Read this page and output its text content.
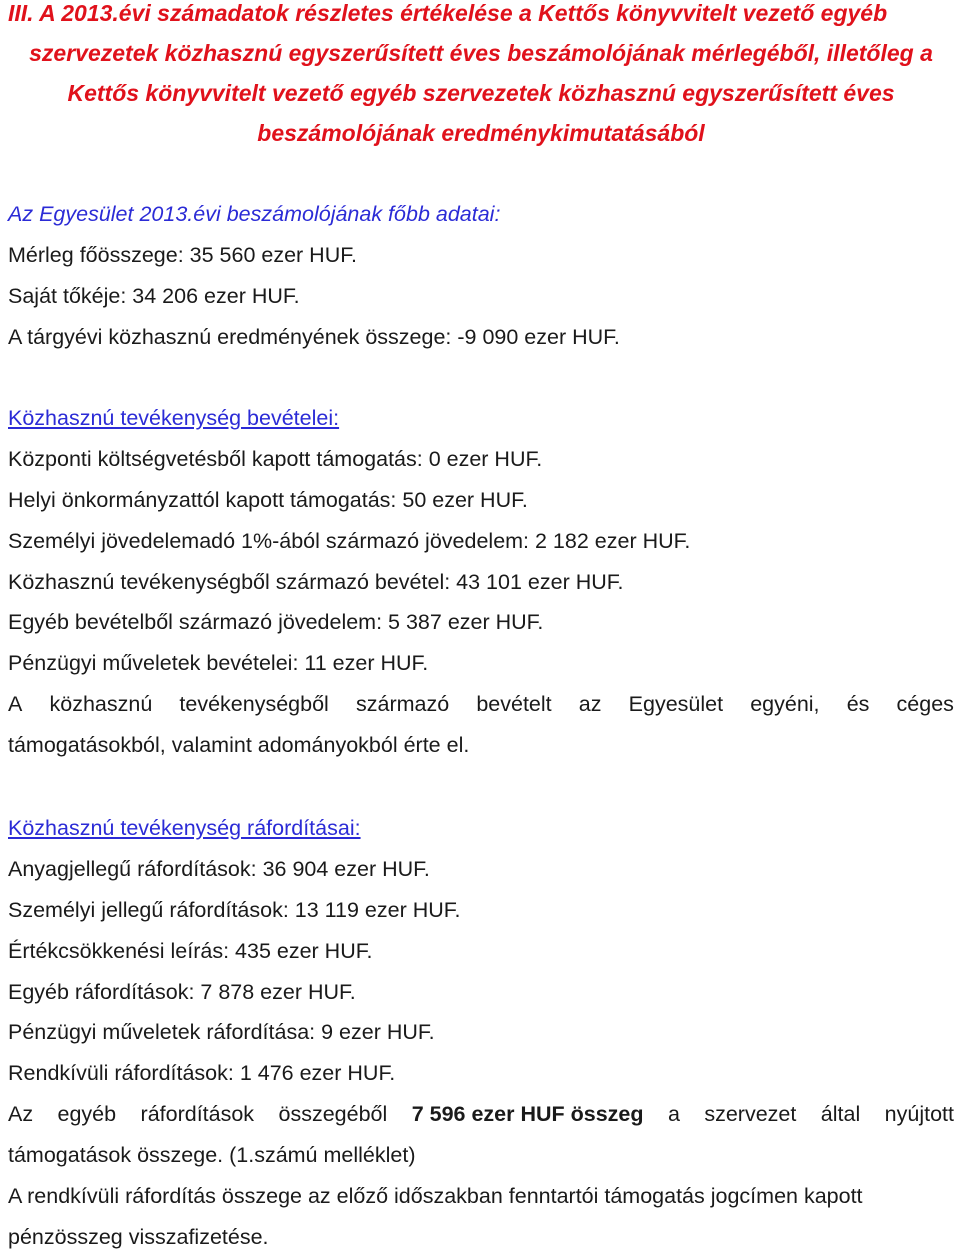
III. A 2013.évi számadatok részletes értékelése a Kettős könyvvitelt vezető egyéb
szervezetek közhasznú egyszerűsített éves beszámolójának mérlegéből, illetőleg a
Kettős könyvvitelt vezető egyéb szervezetek közhasznú egyszerűsített éves
beszámolójának eredménykimutatásából
Az Egyesület 2013.évi beszámolójának főbb adatai:
Mérleg főösszege: 35 560 ezer HUF.
Saját tőkéje: 34 206 ezer HUF.
A tárgyévi közhasznú eredményének összege: -9 090 ezer HUF.
Közhasznú tevékenység bevételei:
Központi költségvetésből kapott támogatás: 0 ezer HUF.
Helyi önkormányzattól kapott támogatás: 50 ezer HUF.
Személyi jövedelemadó 1%-ából származó jövedelem: 2 182 ezer HUF.
Közhasznú tevékenységből származó bevétel: 43 101 ezer HUF.
Egyéb bevételből származó jövedelem: 5 387 ezer HUF.
Pénzügyi műveletek bevételei: 11 ezer HUF.
A közhasznú tevékenységből származó bevételt az Egyesület egyéni, és céges
támogatásokból, valamint adományokból érte el.
Közhasznú tevékenység ráfordításai:
Anyagjellegű ráfordítások: 36 904 ezer HUF.
Személyi jellegű ráfordítások: 13 119 ezer HUF.
Értékcsökkenési leírás: 435 ezer HUF.
Egyéb ráfordítások: 7 878 ezer HUF.
Pénzügyi műveletek ráfordítása: 9 ezer HUF.
Rendkívüli ráfordítások: 1 476 ezer HUF.
Az egyéb ráfordítások összegéből 7 596 ezer HUF összeg a szervezet által nyújtott
támogatások összege. (1.számú melléklet)
A rendkívüli ráfordítás összege az előző időszakban fenntartói támogatás jogcímen kapott
pénzösszeg visszafizetése.
